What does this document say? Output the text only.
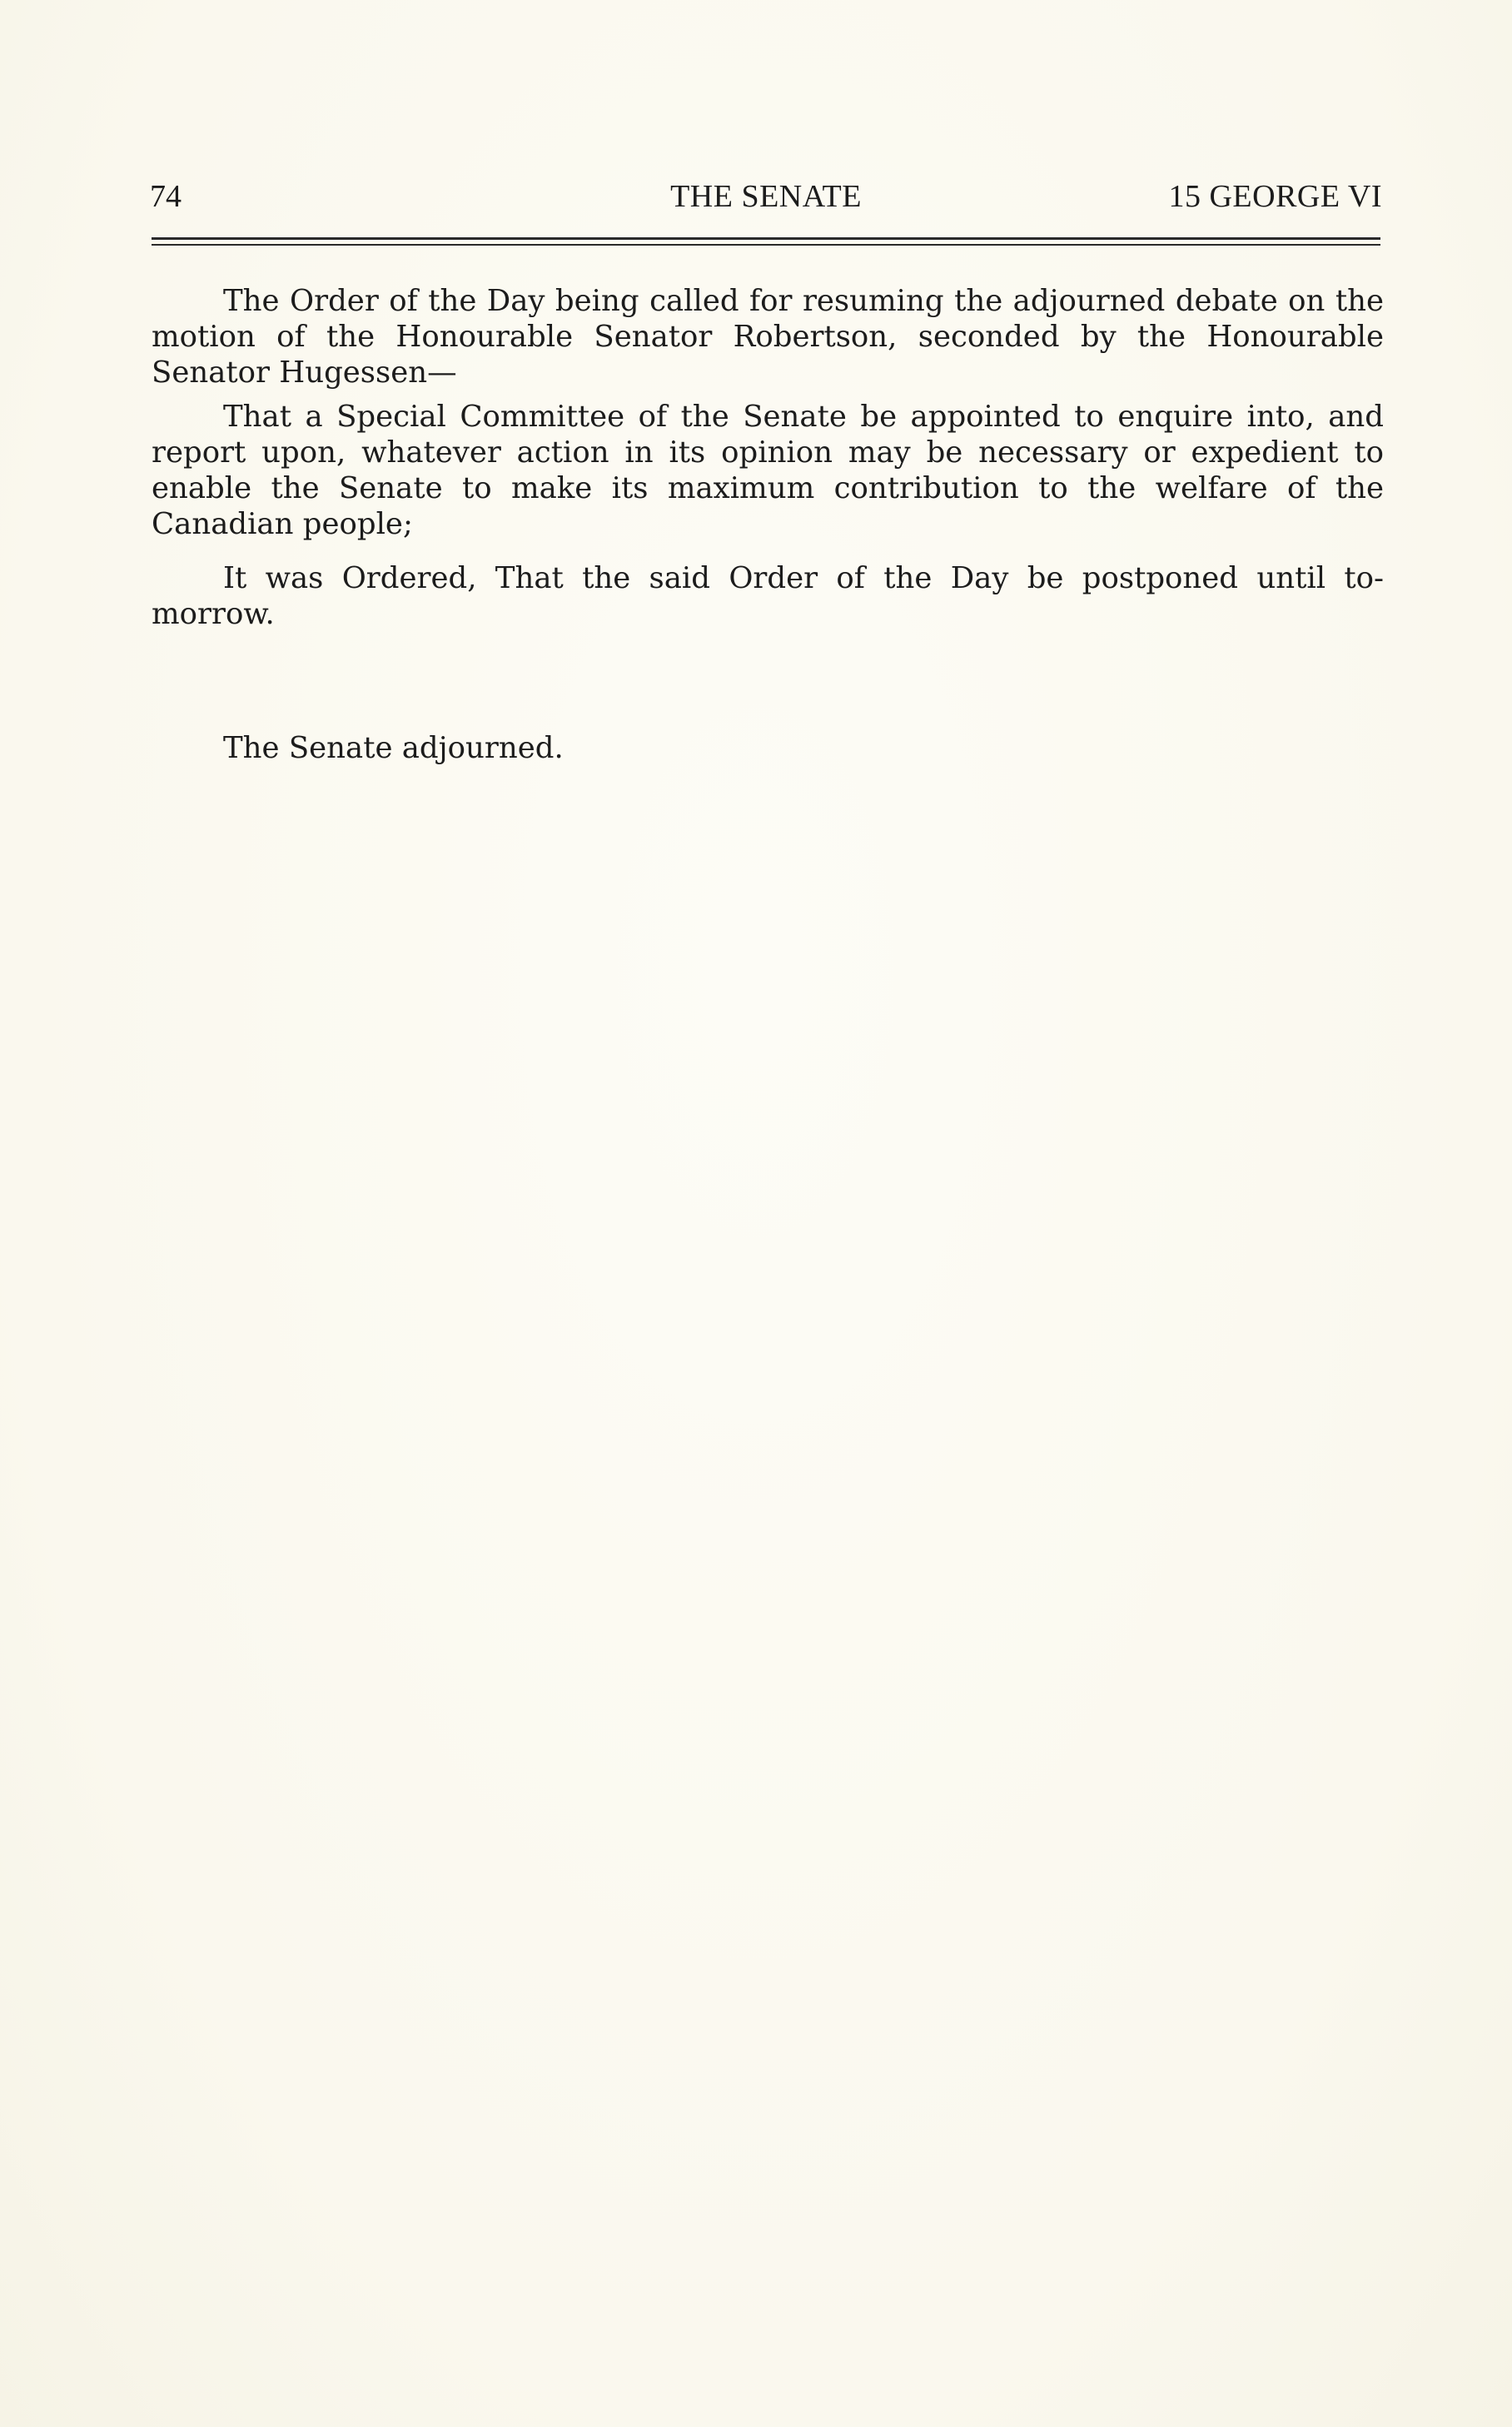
74	THE SENATE	15 GEORGE VI

The Order of the Day being called for resuming the adjourned debate on the motion of the Honourable Senator Robertson, seconded by the Honourable Senator Hugessen—

That a Special Committee of the Senate be appointed to enquire into, and report upon, whatever action in its opinion may be necessary or expedient to enable the Senate to make its maximum contribution to the welfare of the Canadian people;

It was Ordered, That the said Order of the Day be postponed until to-morrow.

The Senate adjourned.
